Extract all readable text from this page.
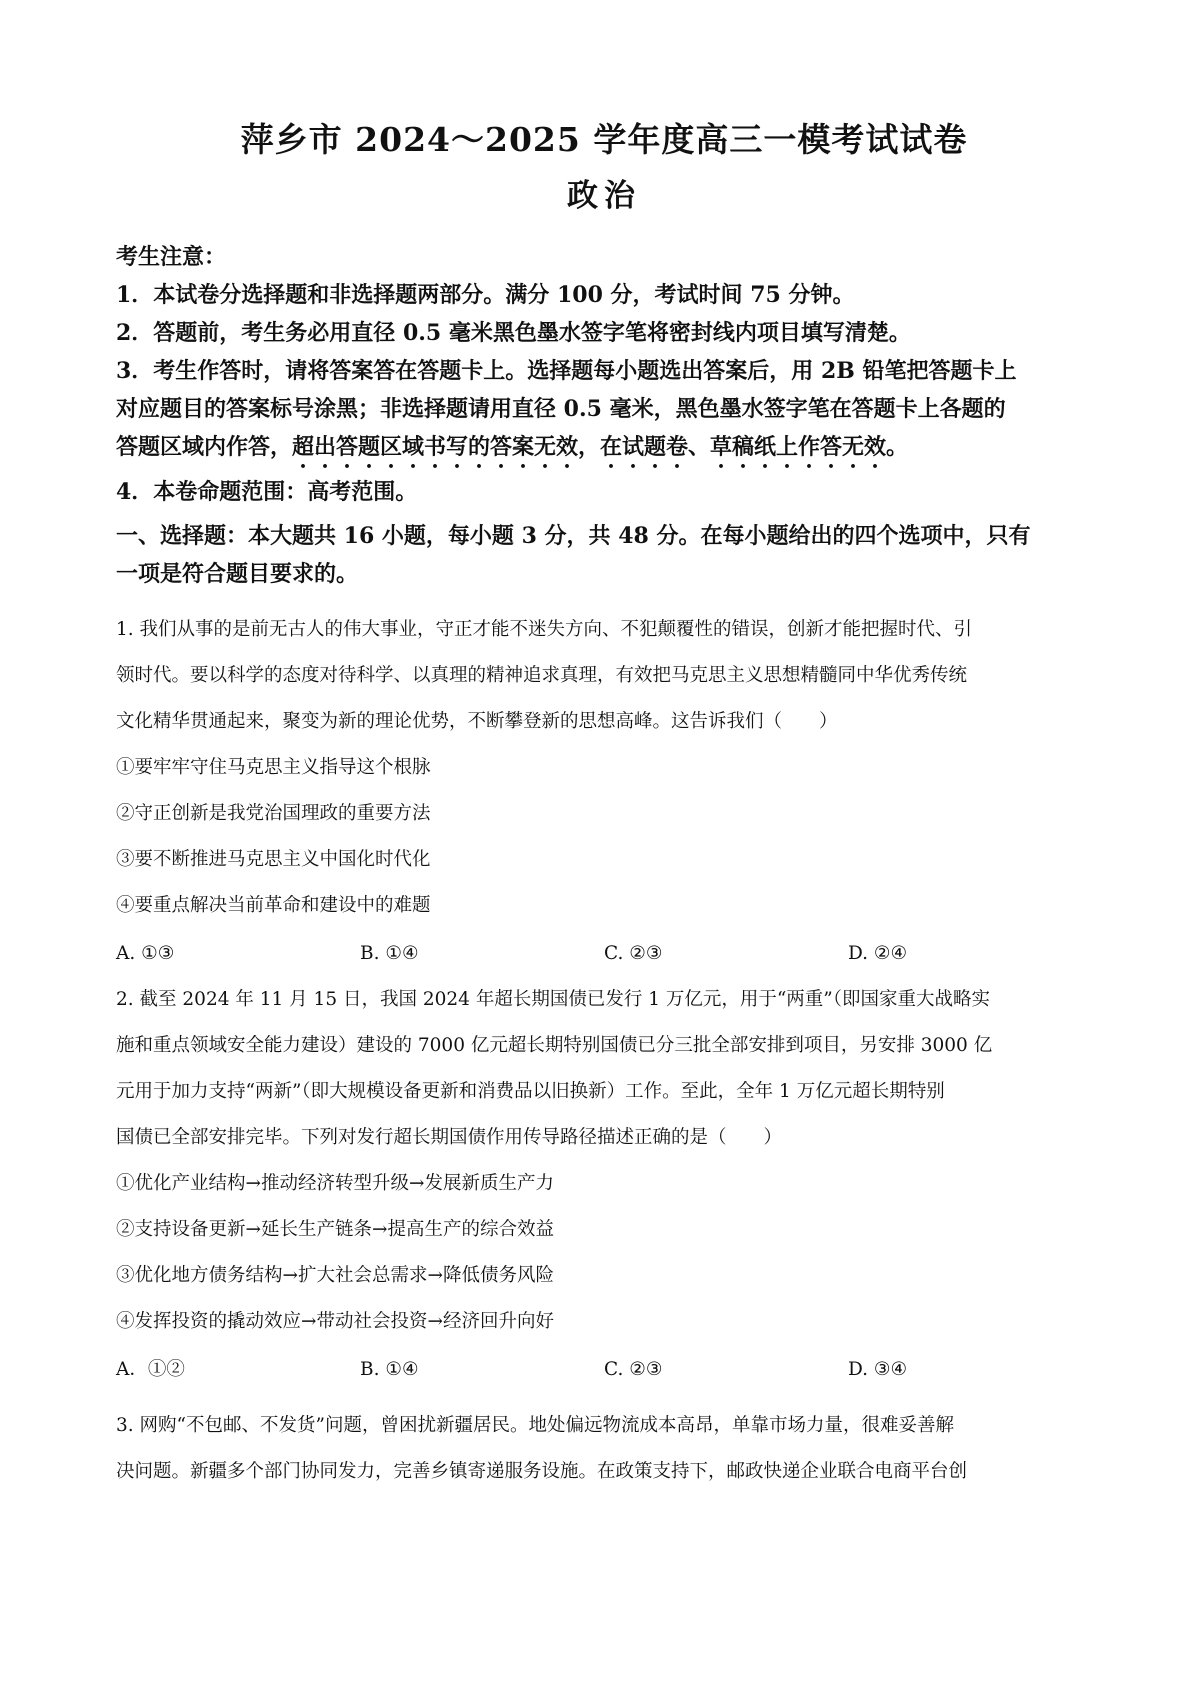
萍乡市 2024～2025 学年度高三一模考试试卷
政治

考生注意：

1．本试卷分选择题和非选择题两部分。满分 100 分，考试时间 75 分钟。

2．答题前，考生务必用直径 0.5 毫米黑色墨水签字笔将密封线内项目填写清楚。

3．考生作答时，请将答案答在答题卡上。选择题每小题选出答案后，用 2B 铅笔把答题卡上

对应题目的答案标号涂黑；非选择题请用直径 0.5 毫米，黑色墨水签字笔在答题卡上各题的

答题区域内作答，超出答题区域书写的答案无效，在试题卷、草稿纸上作答无效。

4．本卷命题范围：高考范围。

一、选择题：本大题共 16 小题，每小题 3 分，共 48 分。在每小题给出的四个选项中，只有

一项是符合题目要求的。

1. 我们从事的是前无古人的伟大事业，守正才能不迷失方向、不犯颠覆性的错误，创新才能把握时代、引

领时代。要以科学的态度对待科学、以真理的精神追求真理，有效把马克思主义思想精髓同中华优秀传统

文化精华贯通起来，聚变为新的理论优势，不断攀登新的思想高峰。这告诉我们（　　）

①要牢牢守住马克思主义指导这个根脉

②守正创新是我党治国理政的重要方法

③要不断推进马克思主义中国化时代化

④要重点解决当前革命和建设中的难题

A. ①③	B. ①④	C. ②③	D. ②④

2. 截至 2024 年 11 月 15 日，我国 2024 年超长期国债已发行 1 万亿元，用于“两重”（即国家重大战略实

施和重点领域安全能力建设）建设的 7000 亿元超长期特别国债已分三批全部安排到项目，另安排 3000 亿

元用于加力支持“两新”（即大规模设备更新和消费品以旧换新）工作。至此，全年 1 万亿元超长期特别

国债已全部安排完毕。下列对发行超长期国债作用传导路径描述正确的是（　　）

①优化产业结构→推动经济转型升级→发展新质生产力

②支持设备更新→延长生产链条→提高生产的综合效益

③优化地方债务结构→扩大社会总需求→降低债务风险

④发挥投资的撬动效应→带动社会投资→经济回升向好

A．①②	B. ①④	C. ②③	D. ③④

3. 网购“不包邮、不发货”问题，曾困扰新疆居民。地处偏远物流成本高昂，单靠市场力量，很难妥善解

决问题。新疆多个部门协同发力，完善乡镇寄递服务设施。在政策支持下，邮政快递企业联合电商平台创
